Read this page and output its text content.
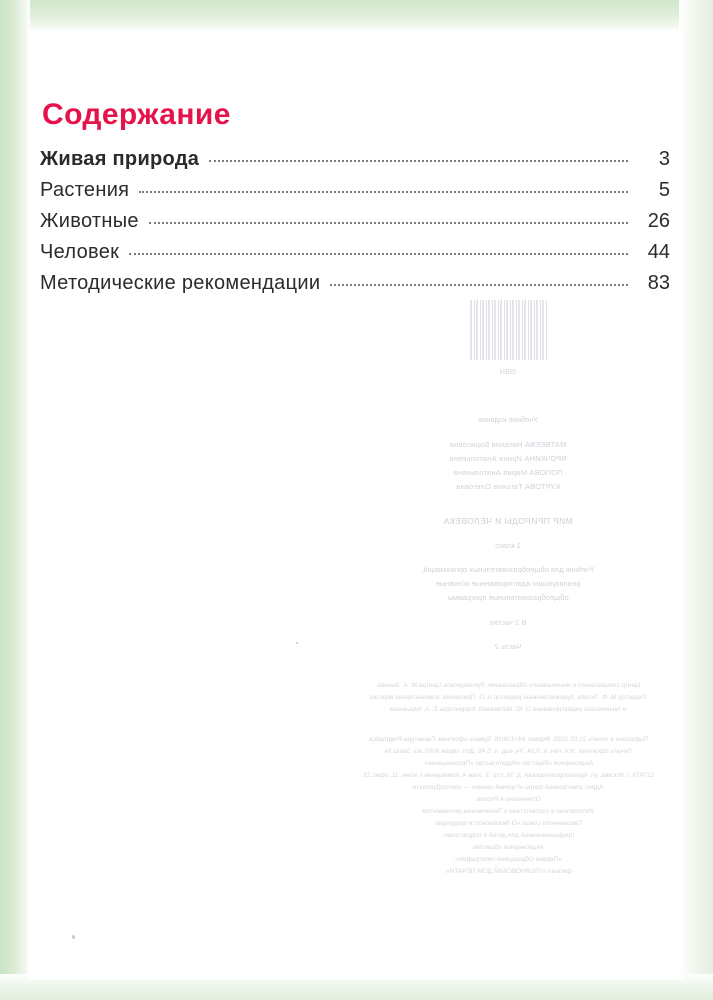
Содержание
Живая природа	3
Растения	5
Животные	26
Человек	44
Методические рекомендации	83
ISBN
Учебное издание
МАТВЕЕВА Наталия Борисовна
ЯРОЧКИНА Ирина Анатольевна
ПОПОВА Мария Анатольевна
КУРТОВА Татьяна Олеговна
МИР ПРИРОДЫ И ЧЕЛОВЕКА
1 класс
Учебник для общеобразовательных организаций,
реализующих адаптированные основные
общеобразовательные программы
В 2 частях
Часть 2
Центр специального и инклюзивного образования. Руководитель Центра М. А. Зыкова.
Редактор М. Ф. Титова. Художественный редактор А. П. Присекина. Компьютерная вёрстка
и техническое редактирование О. Ю. Матвеевой. Корректоры Е. А. Кирьянова
Подписано в печать 21.02.2020. Формат 84×108/16. Бумага офсетная. Гарнитура Pragmatica.
Печать офсетная. Усл. печ. л. 9,24. Уч.-изд. л. 5,46. Доп. тираж 8000 экз. Заказ №
Акционерное общество «Издательство «Просвещение».
127473, г. Москва, ул. Краснопролетарская, д. 16, стр. 3, этаж 4, помещение I, комн. 11, офис 22.
Адрес электронной почты «Горячей линии» — vopros@prosv.ru
Отпечатано в России.
Изготовлено в соответствии с Техническим регламентом
Таможенного союза «О безопасности продукции,
предназначенной для детей и подростков».
Акционерное общество
«Первая Образцовая типография»,
филиал «УЛЬЯНОВСКИЙ ДОМ ПЕЧАТИ».
